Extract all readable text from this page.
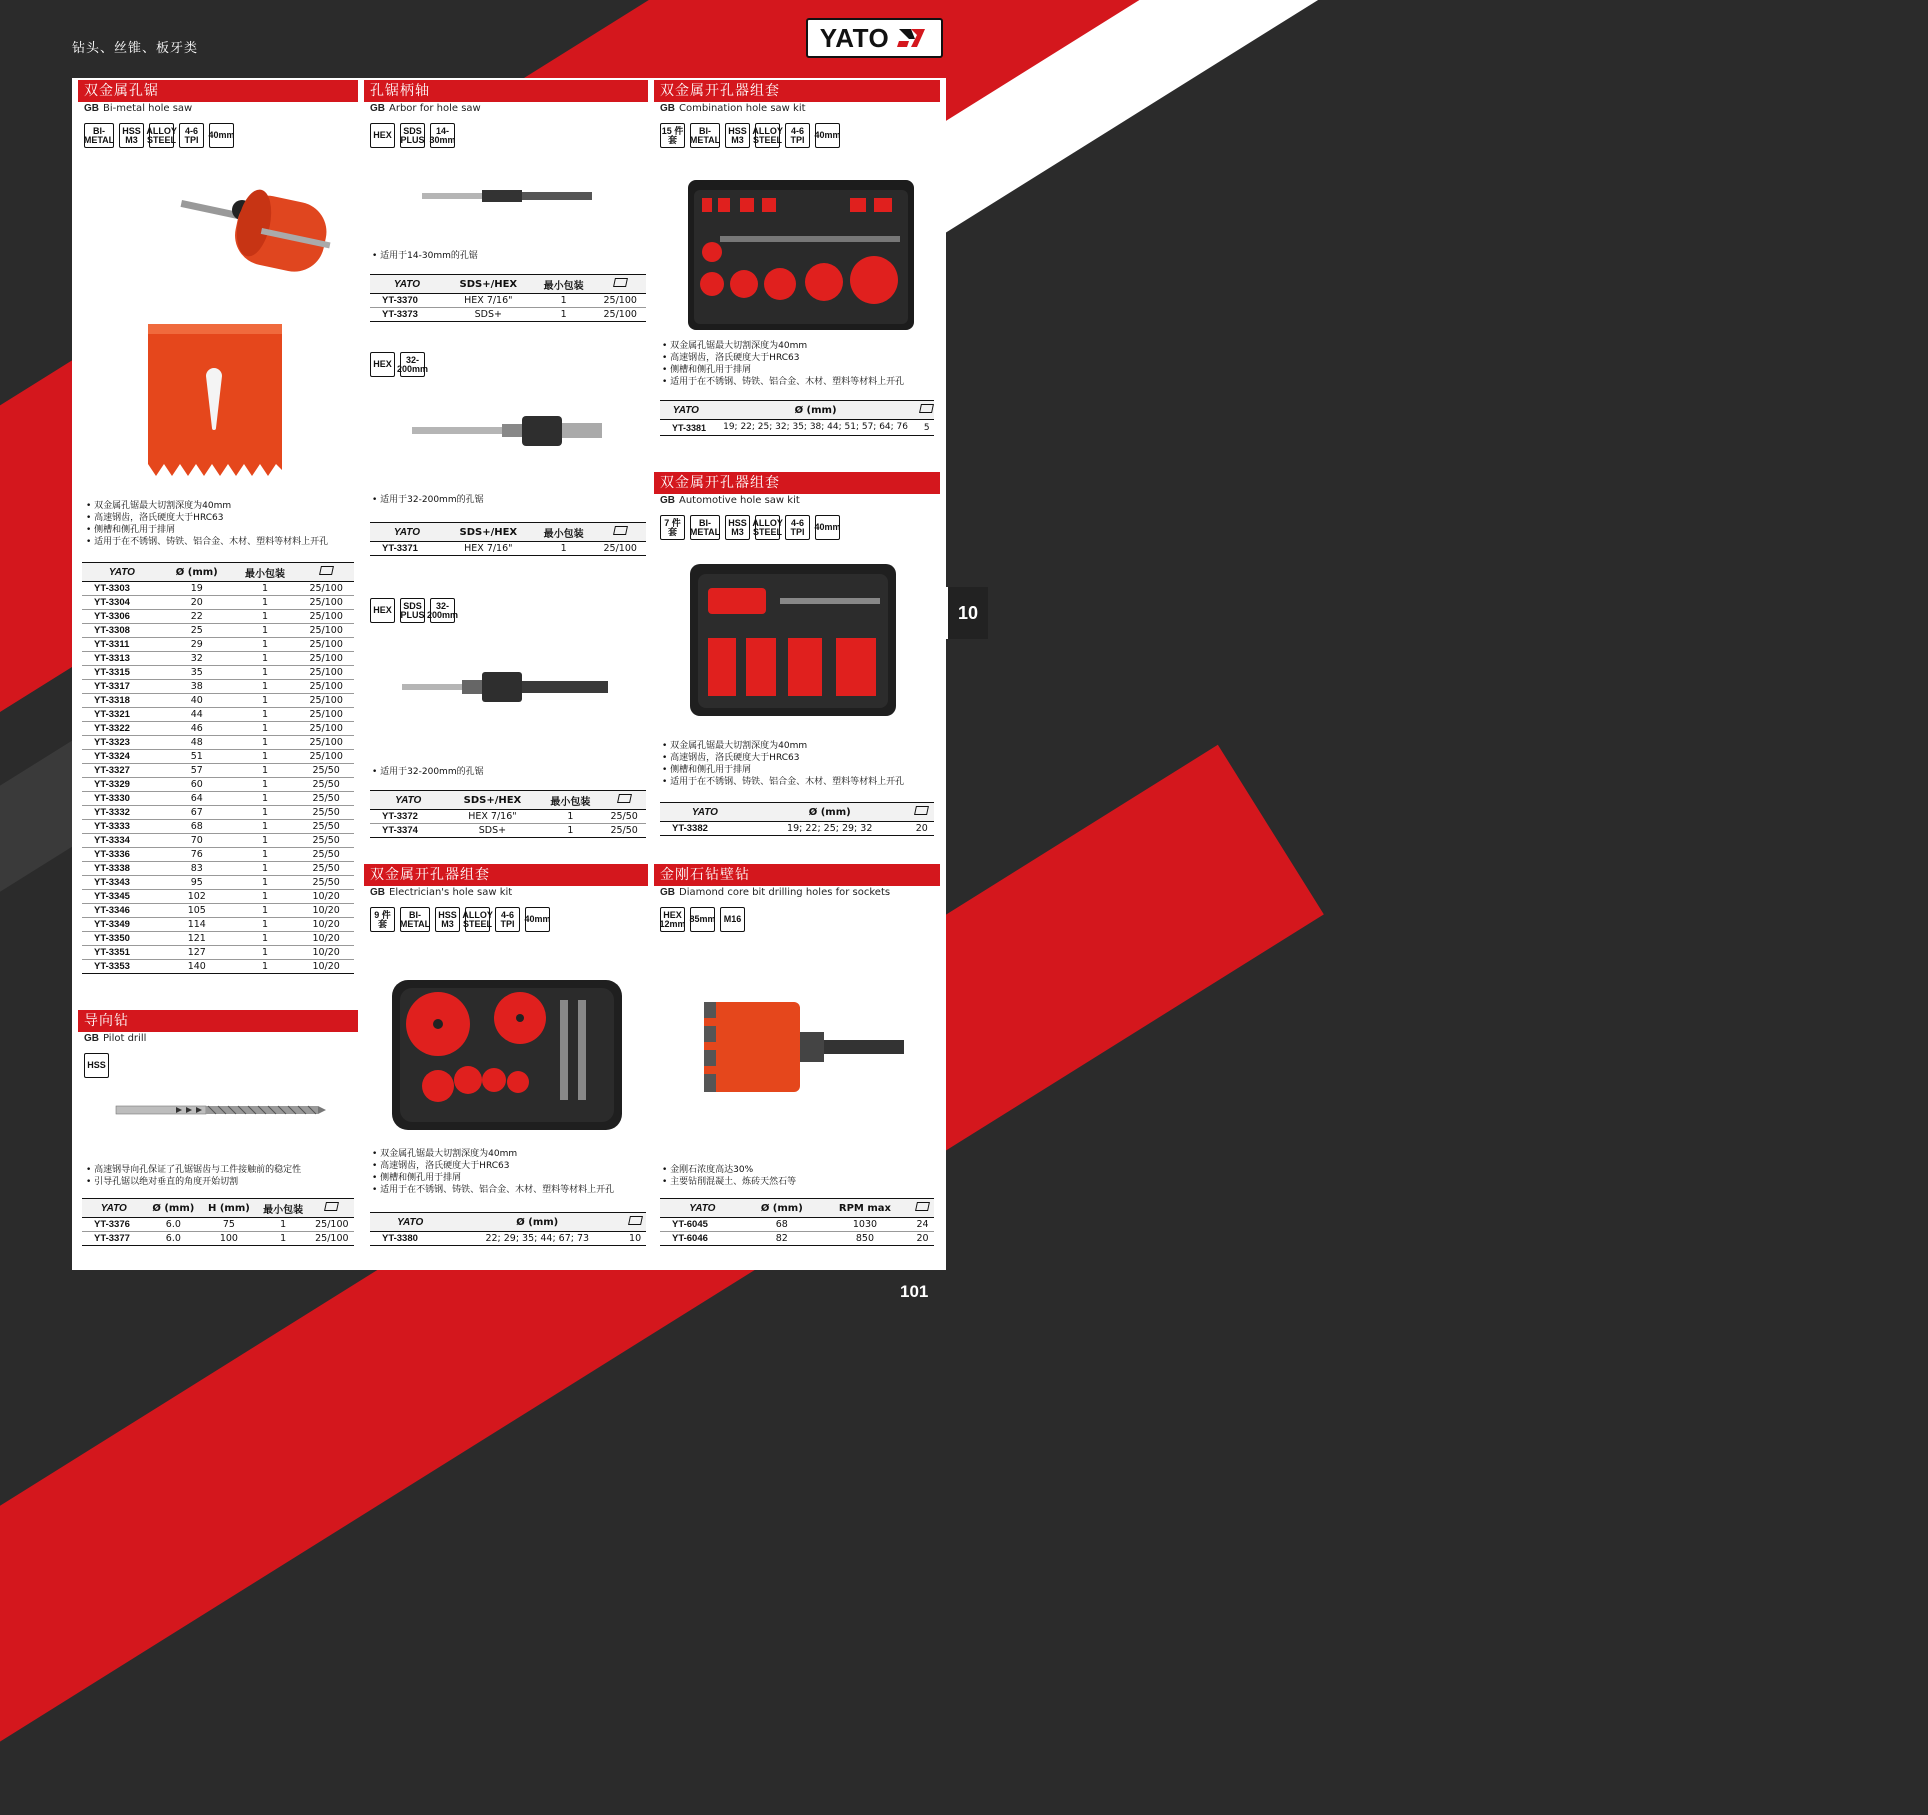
钻头、丝锥、板牙类	YATO
双金属孔锯
GB Bi-metal hole saw
BI-METAL
HSS M3
ALLOY STEEL
4-6 TPI	40mm
• 双金属孔锯最大切割深度为40mm
• 高速钢齿，洛氏硬度大于HRC63
• 侧槽和侧孔用于排屑
• 适用于在不锈钢、铸铁、铝合金、木材、塑料等材料上开孔
YATO	Ø (mm)	最小包装	
YT-3303	19	1	25/100
YT-3304	20	1	25/100
YT-3306	22	1	25/100
YT-3308	25	1	25/100
YT-3311	29	1	25/100
YT-3313	32	1	25/100
YT-3315	35	1	25/100
YT-3317	38	1	25/100
YT-3318	40	1	25/100
YT-3321	44	1	25/100
YT-3322	46	1	25/100
YT-3323	48	1	25/100
YT-3324	51	1	25/100
YT-3327	57	1	25/50
YT-3329	60	1	25/50
YT-3330	64	1	25/50
YT-3332	67	1	25/50
YT-3333	68	1	25/50
YT-3334	70	1	25/50
YT-3336	76	1	25/50
YT-3338	83	1	25/50
YT-3343	95	1	25/50
YT-3345	102	1	10/20
YT-3346	105	1	10/20
YT-3349	114	1	10/20
YT-3350	121	1	10/20
YT-3351	127	1	10/20
YT-3353	140	1	10/20
导向钻
GB Pilot drill
HSS
• 高速钢导向孔保证了孔锯锯齿与工件接触前的稳定性
• 引导孔锯以绝对垂直的角度开始切割
YATO	Ø (mm)	H (mm)	最小包装	
YT-3376	6.0	75	1	25/100
YT-3377	6.0	100	1	25/100
孔锯柄轴
GB Arbor for hole saw
HEX	SDS PLUS
14-30mm
• 适用于14-30mm的孔锯
YATO	SDS+/HEX	最小包装	
YT-3370	HEX 7/16"	1	25/100
YT-3373	SDS+	1	25/100
HEX	32-200mm
• 适用于32-200mm的孔锯
YATO	SDS+/HEX	最小包装	
YT-3371	HEX 7/16"	1	25/100
HEX	SDS PLUS
32-200mm
• 适用于32-200mm的孔锯
YATO	SDS+/HEX	最小包装	
YT-3372	HEX 7/16"	1	25/50
YT-3374	SDS+	1	25/50
双金属开孔器组套
GB Electrician's hole saw kit
9 件套
BI-METAL
HSS M3
ALLOY STEEL
4-6 TPI	40mm
• 双金属孔锯最大切割深度为40mm
• 高速钢齿，洛氏硬度大于HRC63
• 侧槽和侧孔用于排屑
• 适用于在不锈钢、铸铁、铝合金、木材、塑料等材料上开孔
YATO	Ø (mm)	
YT-3380	22; 29; 35; 44; 67; 73	10
双金属开孔器组套
GB Combination hole saw kit
15 件套
BI-METAL
HSS M3
ALLOY STEEL
4-6 TPI	40mm
• 双金属孔锯最大切割深度为40mm
• 高速钢齿，洛氏硬度大于HRC63
• 侧槽和侧孔用于排屑
• 适用于在不锈钢、铸铁、铝合金、木材、塑料等材料上开孔
YATO	Ø (mm)	
YT-3381	19; 22; 25; 32; 35; 38; 44; 51; 57; 64; 76	5
双金属开孔器组套
GB Automotive hole saw kit
7 件套
BI-METAL
HSS M3
ALLOY STEEL
4-6 TPI	40mm
• 双金属孔锯最大切割深度为40mm
• 高速钢齿，洛氏硬度大于HRC63
• 侧槽和侧孔用于排屑
• 适用于在不锈钢、铸铁、铝合金、木材、塑料等材料上开孔
YATO	Ø (mm)	
YT-3382	19; 22; 25; 29; 32	20
金刚石钻壁钻
GB Diamond core bit drilling holes for sockets
HEX 12mm 85mm M16
• 金刚石浓度高达30%
• 主要钻削混凝土、炼砖天然石等
YATO	Ø (mm)	RPM max	
YT-6045	68	1030	24
YT-6046	82	850	20
10
101
